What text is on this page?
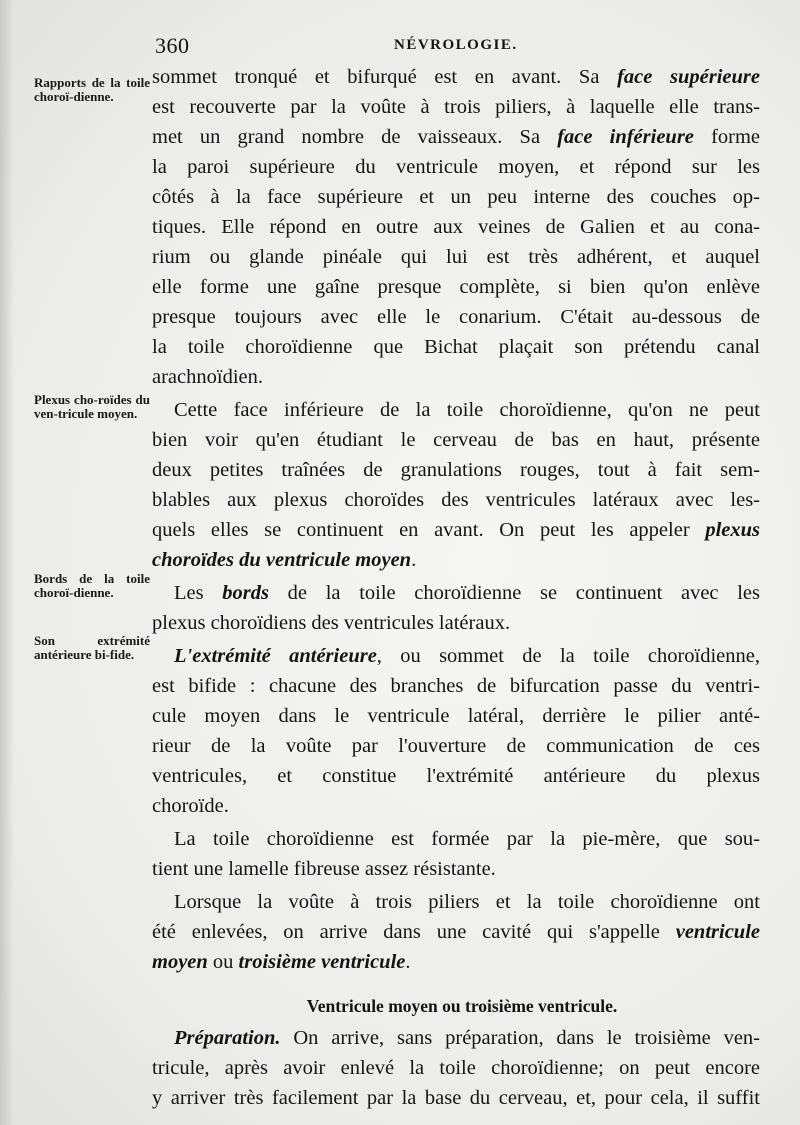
360	NÉVROLOGIE.
Rapports de la toile choroï-dienne.
Plexus cho-roïdes du ven-tricule moyen.
Bords de la toile choroï-dienne.
Son extrémité antérieure bi-fide.
sommet tronqué et bifurqué est en avant. Sa face supérieure
est recouverte par la voûte à trois piliers, à laquelle elle trans-
met un grand nombre de vaisseaux. Sa face inférieure forme
la paroi supérieure du ventricule moyen, et répond sur les
côtés à la face supérieure et un peu interne des couches op-
tiques. Elle répond en outre aux veines de Galien et au cona-
rium ou glande pinéale qui lui est très adhérent, et auquel
elle forme une gaîne presque complète, si bien qu'on enlève
presque toujours avec elle le conarium. C'était au-dessous de
la toile choroïdienne que Bichat plaçait son prétendu canal
arachnoïdien.
Cette face inférieure de la toile choroïdienne, qu'on ne peut
bien voir qu'en étudiant le cerveau de bas en haut, présente
deux petites traînées de granulations rouges, tout à fait sem-
blables aux plexus choroïdes des ventricules latéraux avec les-
quels elles se continuent en avant. On peut les appeler plexus
choroïdes du ventricule moyen.
Les bords de la toile choroïdienne se continuent avec les
plexus choroïdiens des ventricules latéraux.
L'extrémité antérieure, ou sommet de la toile choroïdienne,
est bifide : chacune des branches de bifurcation passe du ventri-
cule moyen dans le ventricule latéral, derrière le pilier anté-
rieur de la voûte par l'ouverture de communication de ces
ventricules, et constitue l'extrémité antérieure du plexus
choroïde.
La toile choroïdienne est formée par la pie-mère, que sou-
tient une lamelle fibreuse assez résistante.
Lorsque la voûte à trois piliers et la toile choroïdienne ont
été enlevées, on arrive dans une cavité qui s'appelle ventricule
moyen ou troisième ventricule.
Ventricule moyen ou troisième ventricule.
Préparation. On arrive, sans préparation, dans le troisième ven-
tricule, après avoir enlevé la toile choroïdienne; on peut encore
y arriver très facilement par la base du cerveau, et, pour cela, il suffit
